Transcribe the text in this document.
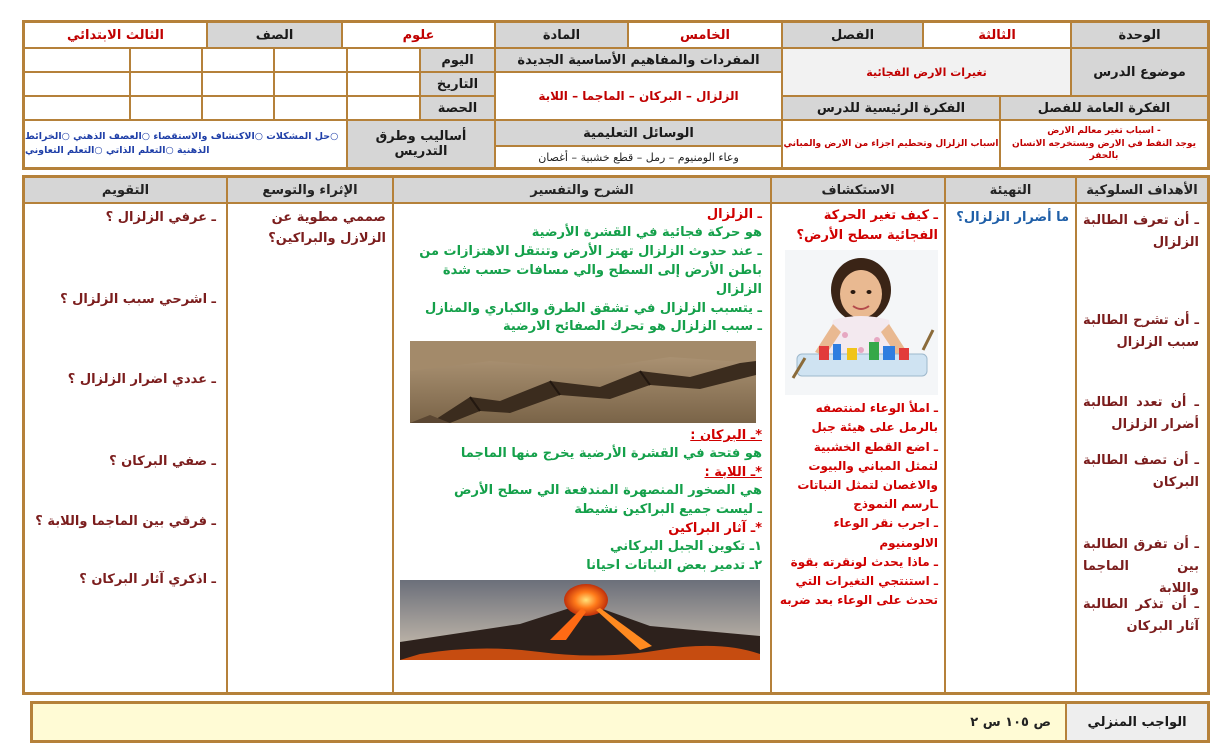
الوحدة
الثالثة
الفصل
الخامس
المادة
علوم
الصف
الثالث الابتدائي
موضوع الدرس
تغيرات الارض الفجائية
الفكرة العامة للفصل
الفكرة الرئيسية للدرس
- اسباب تغير معالم الارض
يوجد النفط في الارض ويستخرجه الانسان بالحفر
اسباب الزلزال وتحطيم اجزاء من الارض والمباني
المفردات والمفاهيم الأساسية الجديدة
الزلزال – البركان – الماجما – اللابة
اليوم
التاريخ
الحصة
الوسائل التعليمية
وعاء الومنيوم – رمل – قطع خشبية – أغصان
أساليب وطرق التدريس
○حل المشكلات ○الاكتشاف والاستقصاء ○العصف الذهني ○الخرائط
الذهنية ○التعلم الذاتي ○التعلم التعاوني
الأهداف السلوكية
التهيئة
الاستكشاف
الشرح والتفسير
الإثراء والتوسع
التقويم
ـ أن تعرف الطالبة الزلزال
ـ أن تشرح الطالبة سبب الزلزال
ـ أن تعدد الطالبة أضرار الزلزال
ـ أن تصف الطالبة البركان
ـ أن تفرق الطالبة بين الماجما واللابة
ـ أن تذكر الطالبة آثار البركان
ما أضرار الزلزال؟
ـ كيف تغير الحركة الفجائية سطح الأرض؟
ـ املأ الوعاء لمنتصفه بالرمل على هيئة جبل
ـ اضع القطع الخشبية لتمثل المباني والبيوت والاغصان لتمثل النباتات
ـارسم النموذج
ـ اجرب نقر الوعاء الالومنيوم
ـ ماذا يحدث لونقرته بقوة
ـ استنتجي التغيرات التي تحدث على الوعاء بعد ضربه
ـ الزلزال
هو حركة فجائية في القشرة الأرضية
ـ عند حدوث الزلزال تهتز الأرض وتنتقل الاهتزازات من باطن الأرض إلى السطح والي مسافات حسب شدة الزلزال
ـ يتسبب الزلزال في تشقق الطرق والكباري والمنازل
ـ سبب الزلزال هو تحرك الصفائح الارضية
*ـ البركان :
هو فتحة في القشرة الأرضية يخرج منها الماجما
*ـ اللابة :
هي الصخور المنصهرة المندفعة الي سطح الأرض
ـ ليست جميع البراكين نشيطة
*ـ آثار البراكين
١ـ تكوين الجبل البركاني
٢ـ تدمير بعض النباتات احيانا
صممي مطوية عن الزلازل والبراكين؟
ـ عرفي الزلزال ؟
ـ اشرحي سبب الزلزال ؟
ـ عددي اضرار الزلزال ؟
ـ صفي البركان ؟
ـ فرقي بين الماجما واللابة ؟
ـ اذكري آثار البركان ؟
الواجب المنزلي
ص ١٠٥ س ٢
